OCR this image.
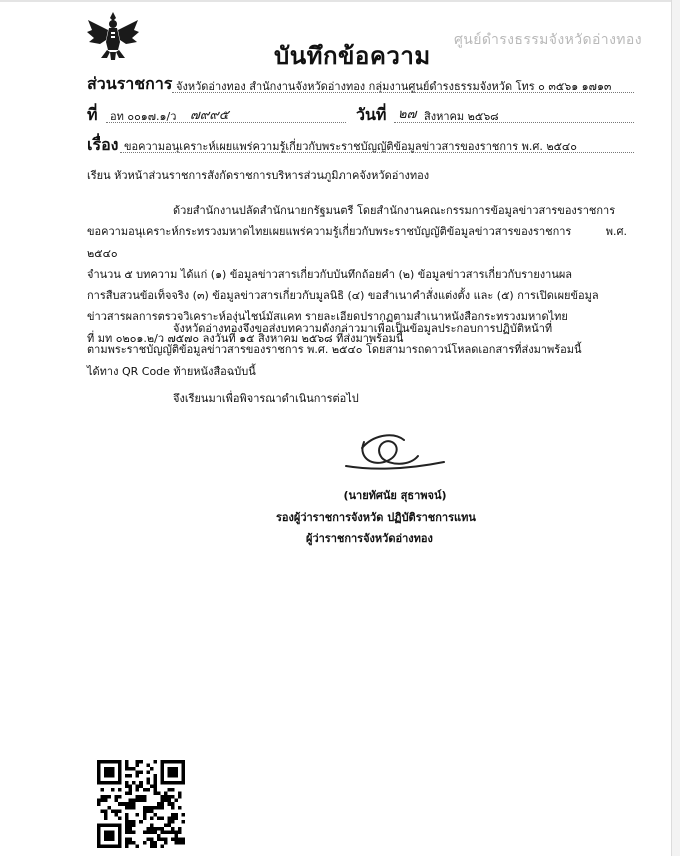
บันทึกข้อความ
ศูนย์ดำรงธรรมจังหวัดอ่างทอง
ส่วนราชการ จังหวัดอ่างทอง สำนักงานจังหวัดอ่างทอง กลุ่มงานศูนย์ดำรงธรรมจังหวัด โทร ๐ ๓๕๖๑ ๑๗๑๓
ที่ อท ๐๐๑๗.๑/ว ๗๙๙๕	วันที่ ๒๗ สิงหาคม ๒๕๖๘
เรื่อง ขอความอนุเคราะห์เผยแพร่ความรู้เกี่ยวกับพระราชบัญญัติข้อมูลข่าวสารของราชการ พ.ศ. ๒๕๔๐
เรียน หัวหน้าส่วนราชการสังกัดราชการบริหารส่วนภูมิภาคจังหวัดอ่างทอง
ด้วยสำนักงานปลัดสำนักนายกรัฐมนตรี โดยสำนักงานคณะกรรมการข้อมูลข่าวสารของราชการ
ขอความอนุเคราะห์กระทรวงมหาดไทยเผยแพร่ความรู้เกี่ยวกับพระราชบัญญัติข้อมูลข่าวสารของราชการ พ.ศ. ๒๕๔๐
จำนวน ๕ บทความ ได้แก่ (๑) ข้อมูลข่าวสารเกี่ยวกับบันทึกถ้อยคำ (๒) ข้อมูลข่าวสารเกี่ยวกับรายงานผล
การสืบสวนข้อเท็จจริง (๓) ข้อมูลข่าวสารเกี่ยวกับมูลนิธิ (๔) ขอสำเนาคำสั่งแต่งตั้ง และ (๕) การเปิดเผยข้อมูล
ข่าวสารผลการตรวจวิเคราะห์องุ่นไชน์มัสแคท รายละเอียดปรากฏตามสำเนาหนังสือกระทรวงมหาดไทย
ที่ มท ๐๒๐๑.๒/ว ๗๕๗๐ ลงวันที่ ๑๕ สิงหาคม ๒๕๖๘ ที่ส่งมาพร้อมนี้
จังหวัดอ่างทองจึงขอส่งบทความดังกล่าวมาเพื่อเป็นข้อมูลประกอบการปฏิบัติหน้าที่
ตามพระราชบัญญัติข้อมูลข่าวสารของราชการ พ.ศ. ๒๕๔๐ โดยสามารถดาวน์โหลดเอกสารที่ส่งมาพร้อมนี้
ได้ทาง QR Code ท้ายหนังสือฉบับนี้
จึงเรียนมาเพื่อพิจารณาดำเนินการต่อไป
(นายทัศนัย สุธาพจน์)
รองผู้ว่าราชการจังหวัด ปฏิบัติราชการแทน
ผู้ว่าราชการจังหวัดอ่างทอง
